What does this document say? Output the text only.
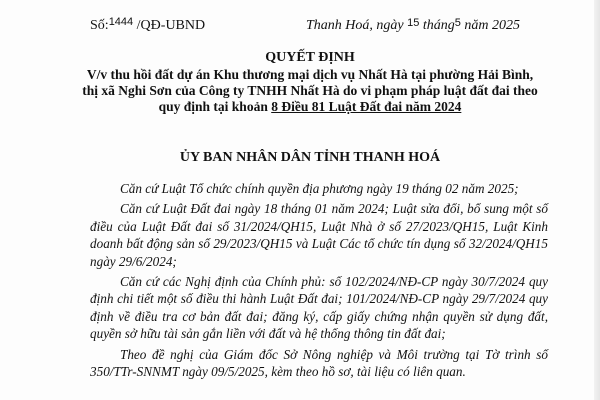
Số:$^{1444}$ /QĐ-UBND	Thanh Hoá, ngày $^{15}$ tháng$^5$ năm 2025
QUYẾT ĐỊNH
V/v thu hồi đất dự án Khu thương mại dịch vụ Nhất Hà tại phường Hải Bình,
thị xã Nghi Sơn của Công ty TNHH Nhất Hà do vi phạm pháp luật đất đai theo
quy định tại khoản 8 Điều 81 Luật Đất đai năm 2024
ỦY BAN NHÂN DÂN TỈNH THANH HOÁ

Căn cứ Luật Tổ chức chính quyền địa phương ngày 19 tháng 02 năm 2025;

Căn cứ Luật Đất đai ngày 18 tháng 01 năm 2024; Luật sửa đổi, bổ sung một số điều của Luật Đất đai số 31/2024/QH15, Luật Nhà ở số 27/2023/QH15, Luật Kinh doanh bất động sản số 29/2023/QH15 và Luật Các tổ chức tín dụng số 32/2024/QH15 ngày 29/6/2024;

Căn cứ các Nghị định của Chính phủ: số 102/2024/NĐ-CP ngày 30/7/2024 quy định chi tiết một số điều thi hành Luật Đất đai; 101/2024/NĐ-CP ngày 29/7/2024 quy định về điều tra cơ bản đất đai; đăng ký, cấp giấy chứng nhận quyền sử dụng đất, quyền sở hữu tài sản gắn liền với đất và hệ thống thông tin đất đai;

Theo đề nghị của Giám đốc Sở Nông nghiệp và Môi trường tại Tờ trình số 350/TTr-SNNMT ngày 09/5/2025, kèm theo hồ sơ, tài liệu có liên quan.
